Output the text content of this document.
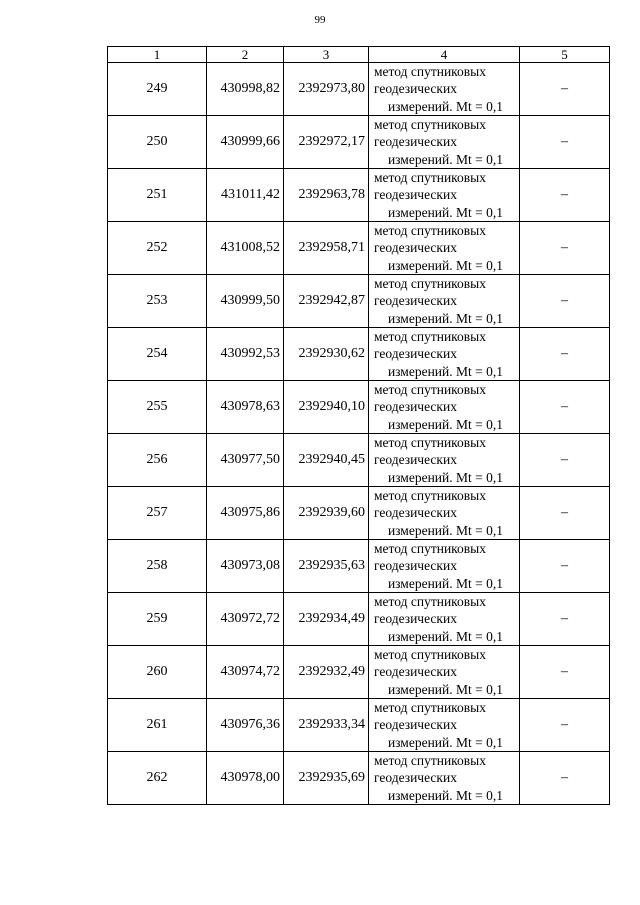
99
1	2	3	4	5
249	430998,82	2392973,80	метод спутниковых
геодезических
измерений. Mt = 0,1	–
250	430999,66	2392972,17	метод спутниковых
геодезических
измерений. Mt = 0,1	–
251	431011,42	2392963,78	метод спутниковых
геодезических
измерений. Mt = 0,1	–
252	431008,52	2392958,71	метод спутниковых
геодезических
измерений. Mt = 0,1	–
253	430999,50	2392942,87	метод спутниковых
геодезических
измерений. Mt = 0,1	–
254	430992,53	2392930,62	метод спутниковых
геодезических
измерений. Mt = 0,1	–
255	430978,63	2392940,10	метод спутниковых
геодезических
измерений. Mt = 0,1	–
256	430977,50	2392940,45	метод спутниковых
геодезических
измерений. Mt = 0,1	–
257	430975,86	2392939,60	метод спутниковых
геодезических
измерений. Mt = 0,1	–
258	430973,08	2392935,63	метод спутниковых
геодезических
измерений. Mt = 0,1	–
259	430972,72	2392934,49	метод спутниковых
геодезических
измерений. Mt = 0,1	–
260	430974,72	2392932,49	метод спутниковых
геодезических
измерений. Mt = 0,1	–
261	430976,36	2392933,34	метод спутниковых
геодезических
измерений. Mt = 0,1	–
262	430978,00	2392935,69	метод спутниковых
геодезических
измерений. Mt = 0,1	–
